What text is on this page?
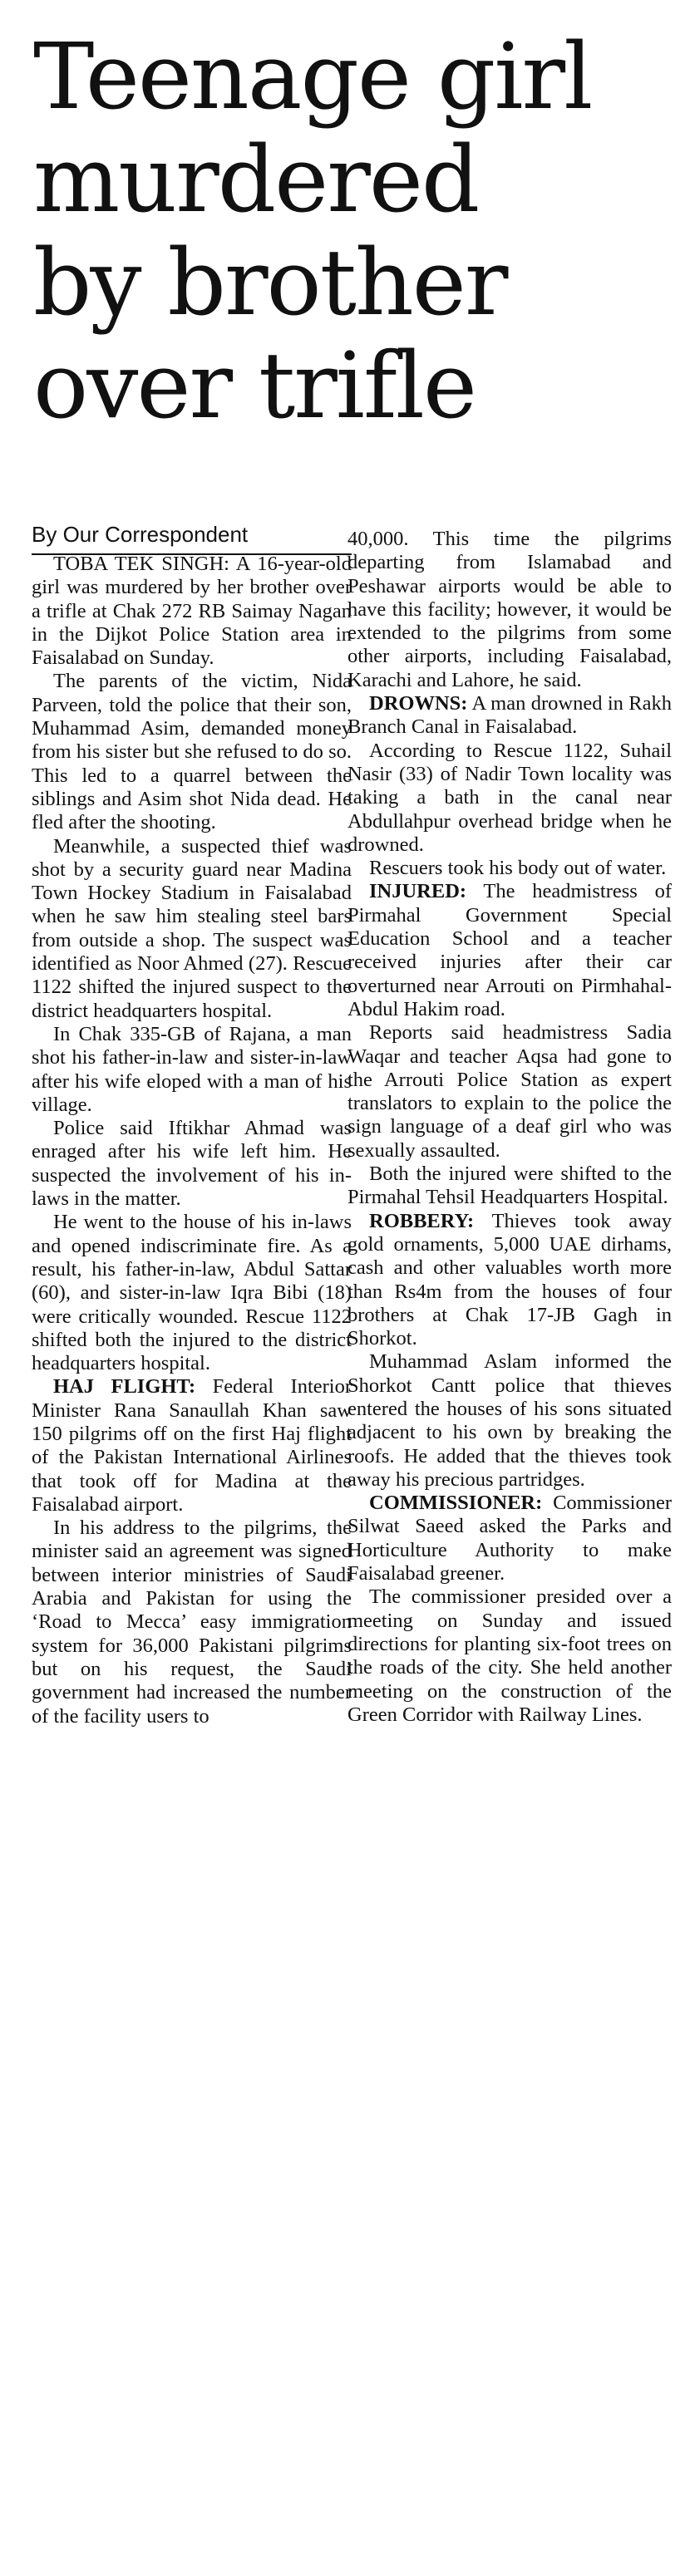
Teenage girl
murdered
by brother
over trifle
By Our Correspondent

TOBA TEK SINGH: A 16-year-old girl was murdered by her brother over a trifle at Chak 272 RB Saimay Nagan in the Dijkot Police Station area in Faisalabad on Sunday.

The parents of the victim, Nida Parveen, told the police that their son, Muhammad Asim, demanded money from his sister but she refused to do so. This led to a quarrel between the siblings and Asim shot Nida dead. He fled after the shooting.

Meanwhile, a suspected thief was shot by a security guard near Madina Town Hockey Stadium in Faisalabad when he saw him stealing steel bars from outside a shop. The suspect was identified as Noor Ahmed (27). Rescue 1122 shifted the injured suspect to the district headquarters hospital.

In Chak 335-GB of Rajana, a man shot his father-in-law and sister-in-law after his wife eloped with a man of his village.

Police said Iftikhar Ahmad was enraged after his wife left him. He suspected the involvement of his in-laws in the matter.

He went to the house of his in-laws and opened indiscriminate fire. As a result, his father-in-law, Abdul Sattar (60), and sister-in-law Iqra Bibi (18) were critically wounded. Rescue 1122 shifted both the injured to the district headquarters hospital.

HAJ FLIGHT: Federal Interior Minister Rana Sanaullah Khan saw 150 pilgrims off on the first Haj flight of the Pakistan International Airlines that took off for Madina at the Faisalabad airport.

In his address to the pilgrims, the minister said an agreement was signed between interior ministries of Saudi Arabia and Pakistan for using the ‘Road to Mecca’ easy immigration system for 36,000 Pakistani pilgrims but on his request, the Saudi government had increased the number of the facility users to

40,000. This time the pilgrims departing from Islamabad and Peshawar airports would be able to have this facility; however, it would be extended to the pilgrims from some other airports, including Faisalabad, Karachi and Lahore, he said.

DROWNS: A man drowned in Rakh Branch Canal in Faisalabad.

According to Rescue 1122, Suhail Nasir (33) of Nadir Town locality was taking a bath in the canal near Abdullahpur overhead bridge when he drowned.

Rescuers took his body out of water.

INJURED: The headmistress of Pirmahal Government Special Education School and a teacher received injuries after their car overturned near Arrouti on Pirmhahal-Abdul Hakim road.

Reports said headmistress Sadia Waqar and teacher Aqsa had gone to the Arrouti Police Station as expert translators to explain to the police the sign language of a deaf girl who was sexually assaulted.

Both the injured were shifted to the Pirmahal Tehsil Headquarters Hospital.

ROBBERY: Thieves took away gold ornaments, 5,000 UAE dirhams, cash and other valuables worth more than Rs4m from the houses of four brothers at Chak 17-JB Gagh in Shorkot.

Muhammad Aslam informed the Shorkot Cantt police that thieves entered the houses of his sons situated adjacent to his own by breaking the roofs. He added that the thieves took away his precious partridges.

COMMISSIONER: Commissioner Silwat Saeed asked the Parks and Horticulture Authority to make Faisalabad greener.

The commissioner presided over a meeting on Sunday and issued directions for planting six-foot trees on the roads of the city. She held another meeting on the construction of the Green Corridor with Railway Lines.
